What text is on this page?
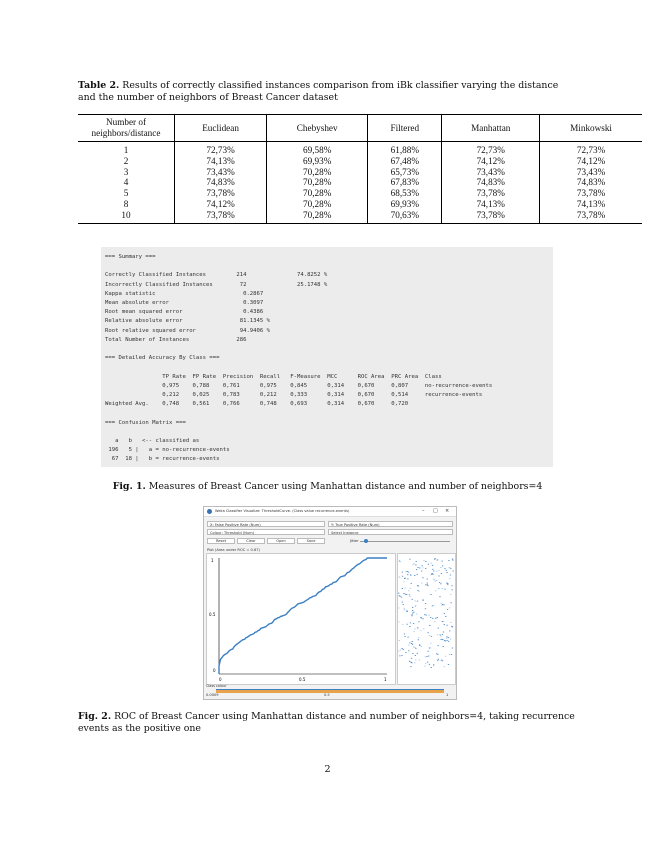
Table 2. Results of correctly classified instances comparison from iBk classifier varying the distance and the number of neighbors of Breast Cancer dataset
Number of neighbors/distance	Euclidean	Chebyshev	Filtered	Manhattan	Minkowski
1	72,73%	69,58%	61,88%	72,73%	72,73%
2	74,13%	69,93%	67,48%	74,12%	74,12%
3	73,43%	70,28%	65,73%	73,43%	73,43%
4	74,83%	70,28%	67,83%	74,83%	74,83%
5	73,78%	70,28%	68,53%	73,78%	73,78%
8	74,12%	70,28%	69,93%	74,13%	74,13%
10	73,78%	70,28%	70,63%	73,78%	73,78%
=== Summary ===
Correctly Classified Instances         214               74.8252 %
Incorrectly Classified Instances        72               25.1748 %
Kappa statistic                          0.2867
Mean absolute error                      0.3097
Root mean squared error                  0.4386
Relative absolute error                 81.1345 %
Root relative squared error             94.9406 %
Total Number of Instances              286
=== Detailed Accuracy By Class ===
TP Rate  FP Rate  Precision  Recall   F-Measure  MCC      ROC Area  PRC Area  Class
0,975    0,788    0,761      0,975    0,845      0,314    0,670     0,807     no-recurrence-events
0,212    0,025    0,783      0,212    0,333      0,314    0,670     0,514     recurrence-events
Weighted Avg.    0,748    0,561    0,766      0,748    0,693      0,314    0,670     0,720
=== Confusion Matrix ===
a   b   <-- classified as
196   5 |   a = no-recurrence-events
67  18 |   b = recurrence-events
Fig. 1. Measures of Breast Cancer using Manhattan distance and number of neighbors=4
Weka Classifier Visualize: ThresholdCurve. (Class value recurrence-events)	– □ ×
X: False Positive Rate (Num)	Y: True Positive Rate (Num)
Colour: Threshold (Num)	Select Instance
Reset	Clear	Open	Save	Jitter
Plot (Area under ROC = 0.67)
1
0.5
0
0	0.5	1
Class colour
0.0009	0.5	1
Fig. 2. ROC of Breast Cancer using Manhattan distance and number of neighbors=4, taking recurrence events as the positive one
2
